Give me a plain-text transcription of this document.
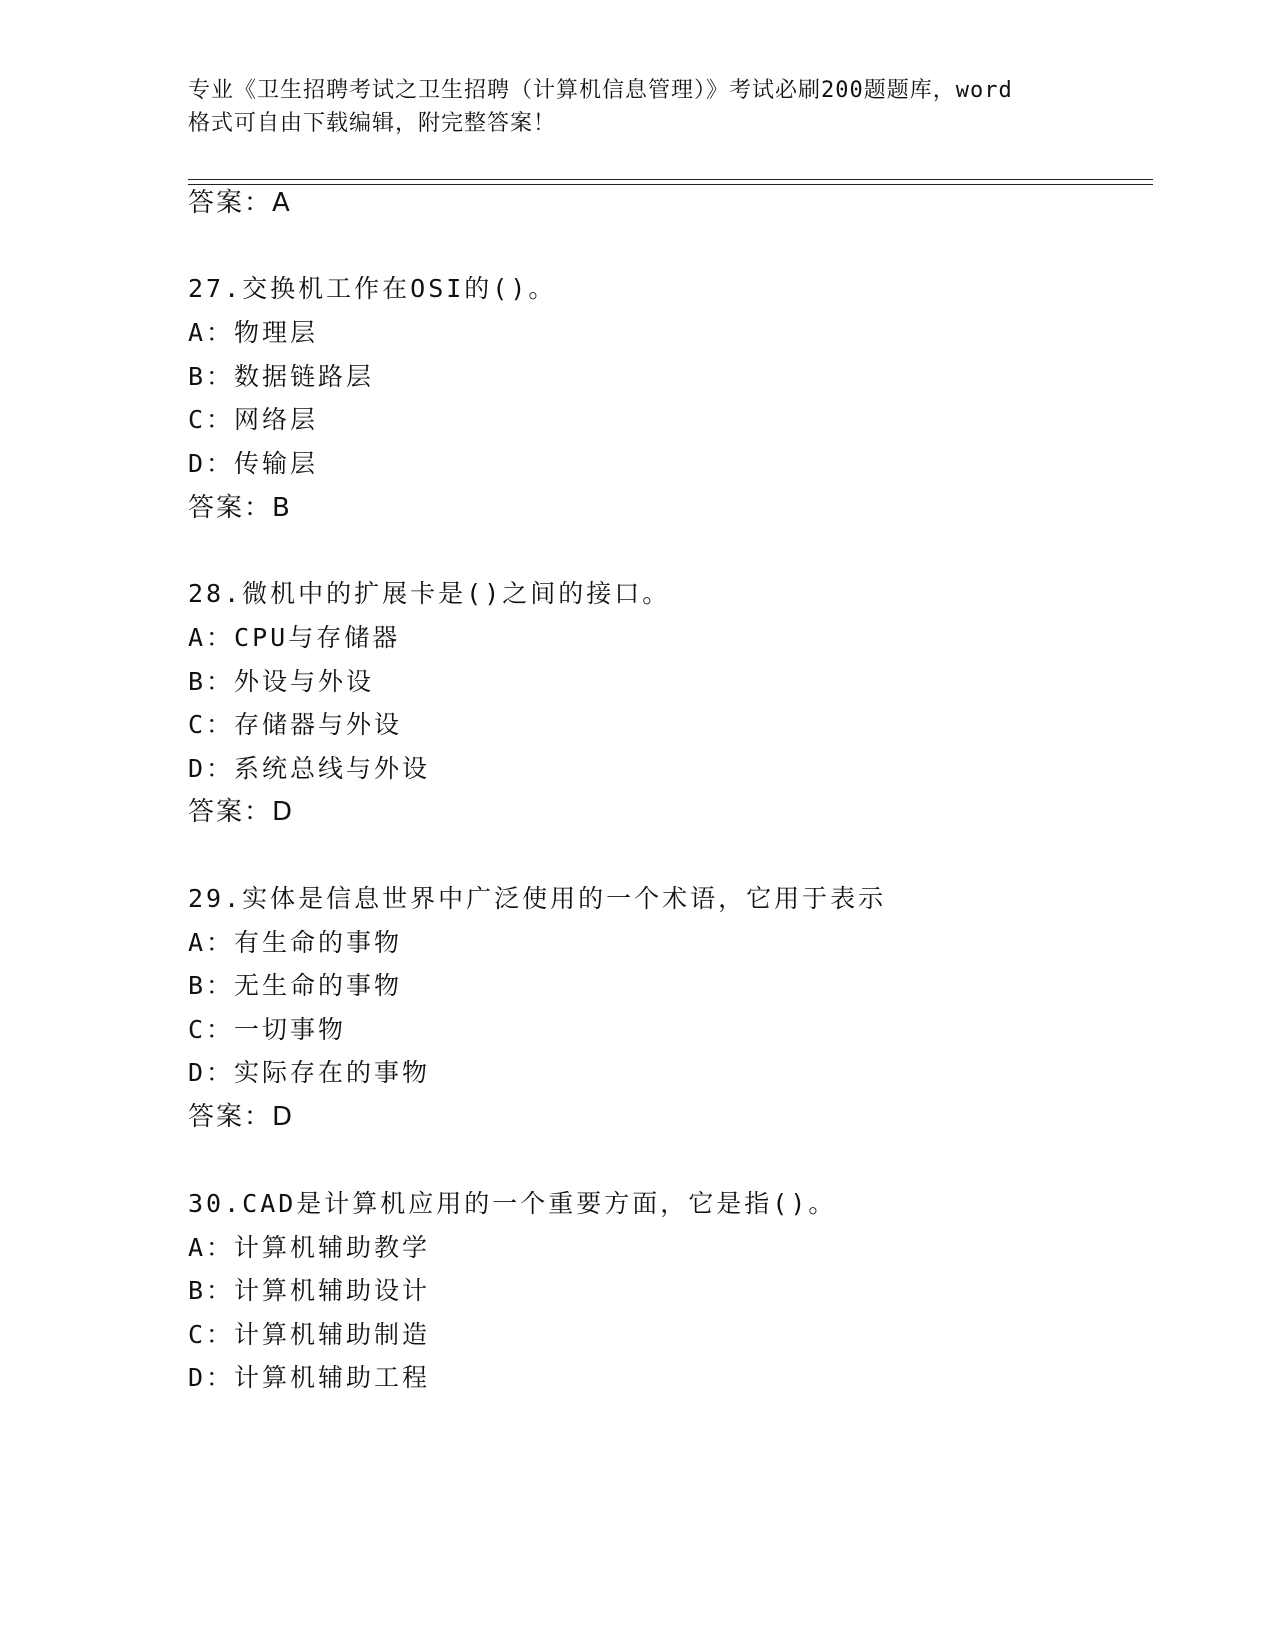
专业《卫生招聘考试之卫生招聘（计算机信息管理）》考试必刷200题题库，word
格式可自由下载编辑，附完整答案！
答案：A
27.交换机工作在OSI的()。
A：物理层
B：数据链路层
C：网络层
D：传输层
答案：B
28.微机中的扩展卡是()之间的接口。
A：CPU与存储器
B：外设与外设
C：存储器与外设
D：系统总线与外设
答案：D
29.实体是信息世界中广泛使用的一个术语，它用于表示
A：有生命的事物
B：无生命的事物
C：一切事物
D：实际存在的事物
答案：D
30.CAD是计算机应用的一个重要方面，它是指()。
A：计算机辅助教学
B：计算机辅助设计
C：计算机辅助制造
D：计算机辅助工程
